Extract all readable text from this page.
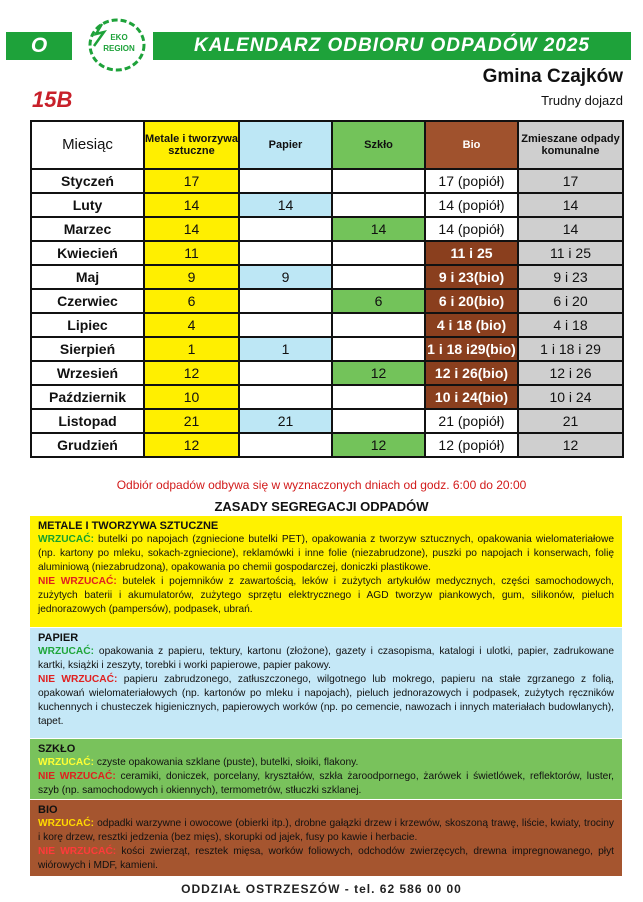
O	EKO
REGION	KALENDARZ ODBIORU ODPADÓW 2025
Gmina Czajków
Trudny dojazd
15B
Miesiąc	Metale i tworzywa sztuczne	Papier	Szkło	Bio	Zmieszane odpady komunalne
Styczeń	17			17 (popiół)	17
Luty	14	14		14 (popiół)	14
Marzec	14		14	14 (popiół)	14
Kwiecień	11			11 i 25	11 i 25
Maj	9	9		9 i 23(bio)	9 i 23
Czerwiec	6		6	6 i 20(bio)	6 i 20
Lipiec	4			4 i 18 (bio)	4 i 18
Sierpień	1	1		1 i 18 i29(bio)	1 i 18 i 29
Wrzesień	12		12	12 i 26(bio)	12 i 26
Październik	10			10 i 24(bio)	10 i 24
Listopad	21	21		21 (popiół)	21
Grudzień	12		12	12 (popiół)	12
Odbiór odpadów odbywa się w wyznaczonych dniach od godz. 6:00 do 20:00
ZASADY SEGREGACJI ODPADÓW
METALE I TWORZYWA SZTUCZNE

WRZUCAĆ: butelki po napojach (zgniecione butelki PET), opakowania z tworzyw sztucznych, opakowania wielomateriałowe (np. kartony po mleku, sokach-zgniecione), reklamówki i inne folie (niezabrudzone), puszki po napojach i konserwach, folię aluminiową (niezabrudzoną), opakowania po chemii gospodarczej, doniczki plastikowe.

NIE WRZUCAĆ: butelek i pojemników z zawartością, leków i zużytych artykułów medycznych, części samochodowych, zużytych baterii i akumulatorów, zużytego sprzętu elektrycznego i AGD tworzyw piankowych, gum, silikonów, pieluch jednorazowych (pampersów), podpasek, ubrań.

PAPIER

WRZUCAĆ: opakowania z papieru, tektury, kartonu (złożone), gazety i czasopisma, katalogi i ulotki, papier, zadrukowane kartki, książki i zeszyty, torebki i worki papierowe, papier pakowy.

NIE WRZUCAĆ: papieru zabrudzonego, zatłuszczonego, wilgotnego lub mokrego, papieru na stałe zgrzanego z folią, opakowań wielomateriałowych (np. kartonów po mleku i napojach), pieluch jednorazowych i podpasek, zużytych ręczników kuchennych i chusteczek higienicznych, papierowych worków (np. po cemencie, nawozach i innych materiałach budowlanych), tapet.

SZKŁO

WRZUCAĆ: czyste opakowania szklane (puste), butelki, słoiki, flakony.

NIE WRZUCAĆ: ceramiki, doniczek, porcelany, kryształów, szkła żaroodpornego, żarówek i świetlówek, reflektorów, luster, szyb (np. samochodowych i okiennych), termometrów, stłuczki szklanej.

BIO

WRZUCAĆ: odpadki warzywne i owocowe (obierki itp.), drobne gałązki drzew i krzewów, skoszoną trawę, liście, kwiaty, trociny i korę drzew, resztki jedzenia (bez mięs), skorupki od jajek, fusy po kawie i herbacie.

NIE WRZUCAĆ: kości zwierząt, resztek mięsa, worków foliowych, odchodów zwierzęcych, drewna impregnowanego, płyt wiórowych i MDF, kamieni.

ODDZIAŁ OSTRZESZÓW - tel. 62 586 00 00
